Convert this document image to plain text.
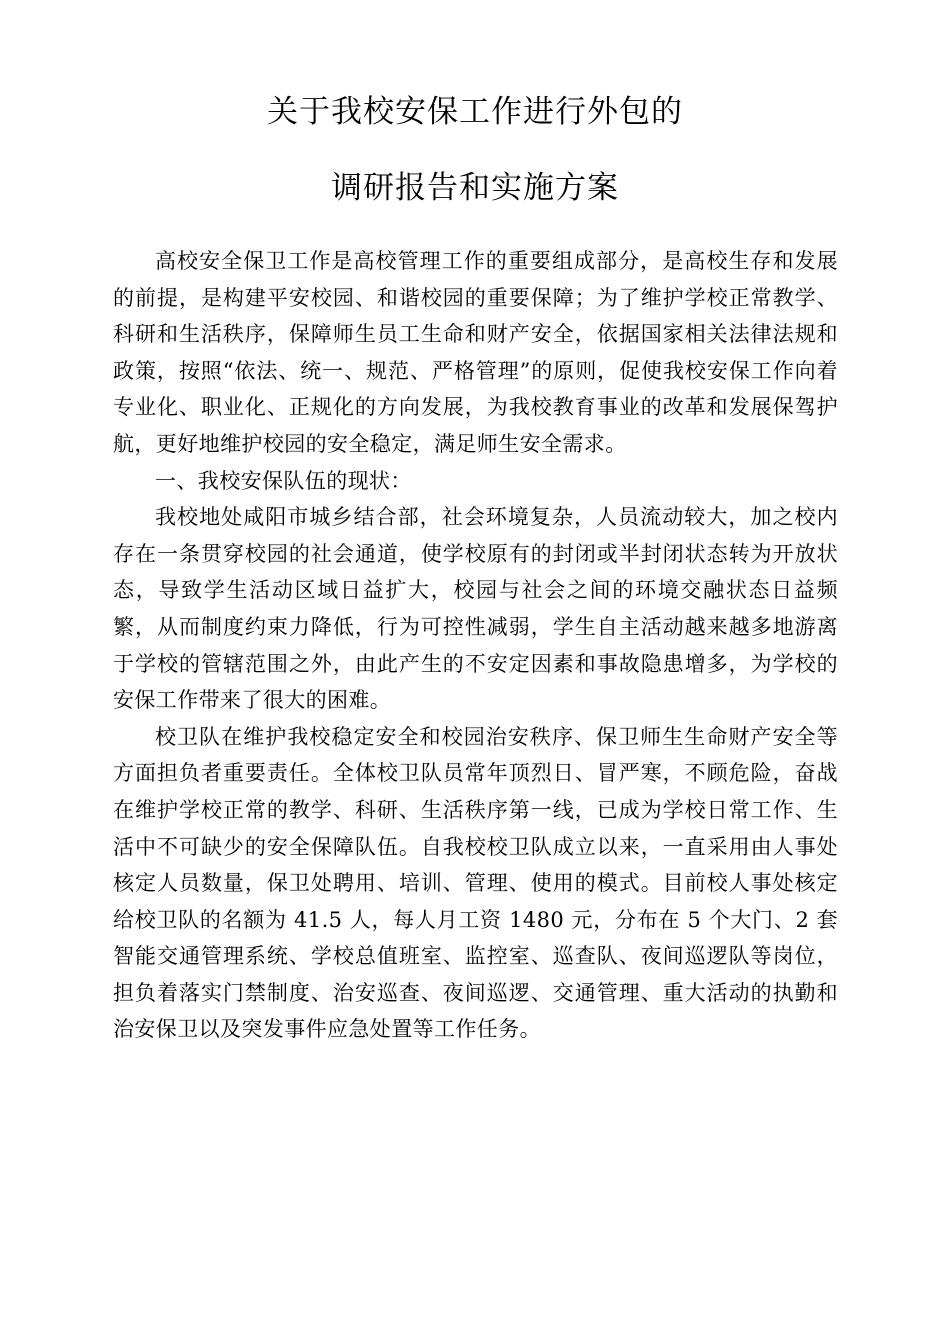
关于我校安保工作进行外包的
调研报告和实施方案

高校安全保卫工作是高校管理工作的重要组成部分，是高校生存和发展的前提，是构建平安校园、和谐校园的重要保障；为了维护学校正常教学、科研和生活秩序，保障师生员工生命和财产安全，依据国家相关法律法规和政策，按照“依法、统一、规范、严格管理”的原则，促使我校安保工作向着专业化、职业化、正规化的方向发展，为我校教育事业的改革和发展保驾护航，更好地维护校园的安全稳定，满足师生安全需求。

一、我校安保队伍的现状：

我校地处咸阳市城乡结合部，社会环境复杂，人员流动较大，加之校内存在一条贯穿校园的社会通道，使学校原有的封闭或半封闭状态转为开放状态，导致学生活动区域日益扩大，校园与社会之间的环境交融状态日益频繁，从而制度约束力降低，行为可控性减弱，学生自主活动越来越多地游离于学校的管辖范围之外，由此产生的不安定因素和事故隐患增多，为学校的安保工作带来了很大的困难。

校卫队在维护我校稳定安全和校园治安秩序、保卫师生生命财产安全等方面担负者重要责任。全体校卫队员常年顶烈日、冒严寒，不顾危险，奋战在维护学校正常的教学、科研、生活秩序第一线，已成为学校日常工作、生活中不可缺少的安全保障队伍。自我校校卫队成立以来，一直采用由人事处核定人员数量，保卫处聘用、培训、管理、使用的模式。目前校人事处核定给校卫队的名额为 41.5 人，每人月工资 1480 元，分布在 5 个大门、2 套智能交通管理系统、学校总值班室、监控室、巡查队、夜间巡逻队等岗位，担负着落实门禁制度、治安巡查、夜间巡逻、交通管理、重大活动的执勤和治安保卫以及突发事件应急处置等工作任务。
